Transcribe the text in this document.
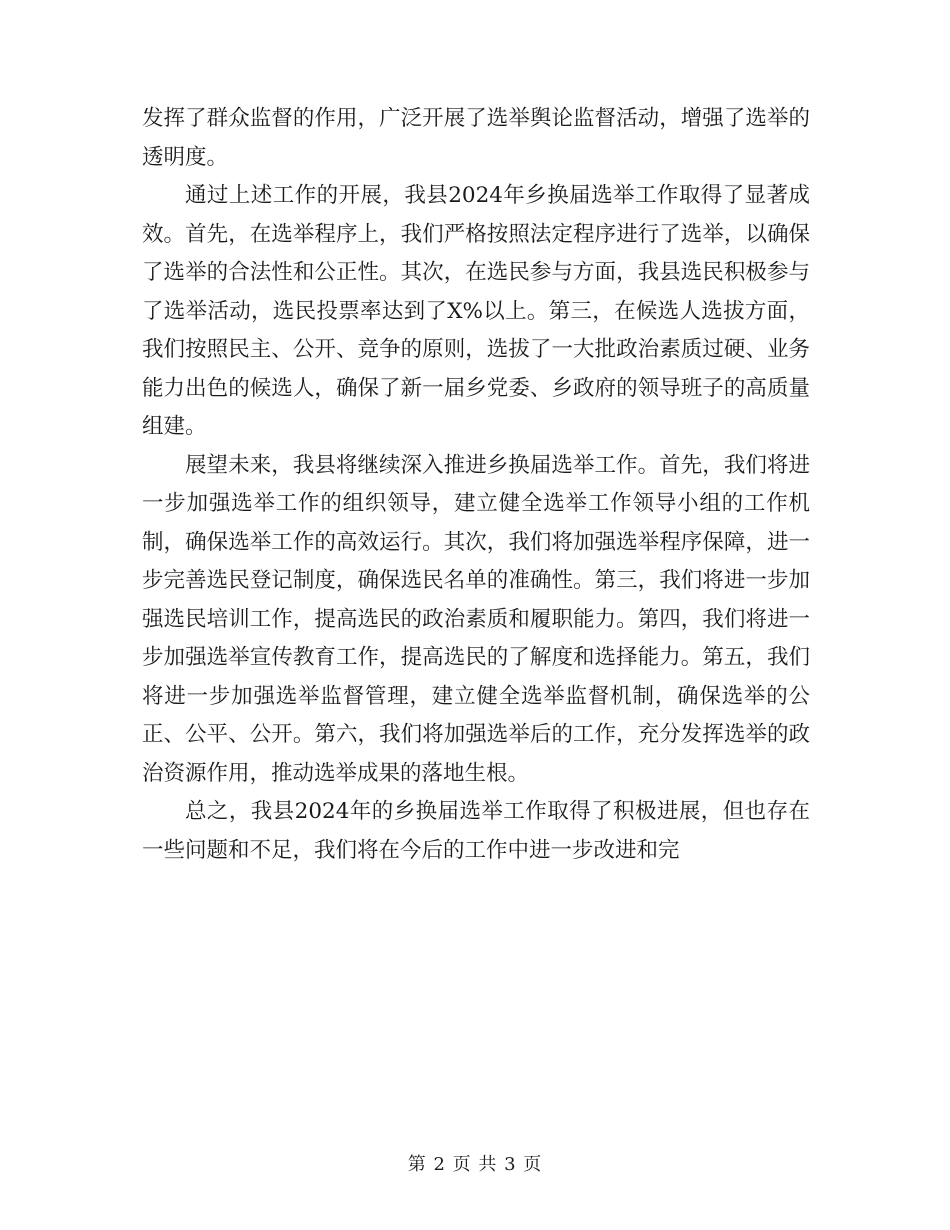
发挥了群众监督的作用，广泛开展了选举舆论监督活动，增强了选举的透明度。

通过上述工作的开展，我县2024年乡换届选举工作取得了显著成效。首先，在选举程序上，我们严格按照法定程序进行了选举，以确保了选举的合法性和公正性。其次，在选民参与方面，我县选民积极参与了选举活动，选民投票率达到了X%以上。第三，在候选人选拔方面，我们按照民主、公开、竞争的原则，选拔了一大批政治素质过硬、业务能力出色的候选人，确保了新一届乡党委、乡政府的领导班子的高质量组建。

展望未来，我县将继续深入推进乡换届选举工作。首先，我们将进一步加强选举工作的组织领导，建立健全选举工作领导小组的工作机制，确保选举工作的高效运行。其次，我们将加强选举程序保障，进一步完善选民登记制度，确保选民名单的准确性。第三，我们将进一步加强选民培训工作，提高选民的政治素质和履职能力。第四，我们将进一步加强选举宣传教育工作，提高选民的了解度和选择能力。第五，我们将进一步加强选举监督管理，建立健全选举监督机制，确保选举的公正、公平、公开。第六，我们将加强选举后的工作，充分发挥选举的政治资源作用，推动选举成果的落地生根。

总之，我县2024年的乡换届选举工作取得了积极进展，但也存在一些问题和不足，我们将在今后的工作中进一步改进和完

第 2 页 共 3 页
